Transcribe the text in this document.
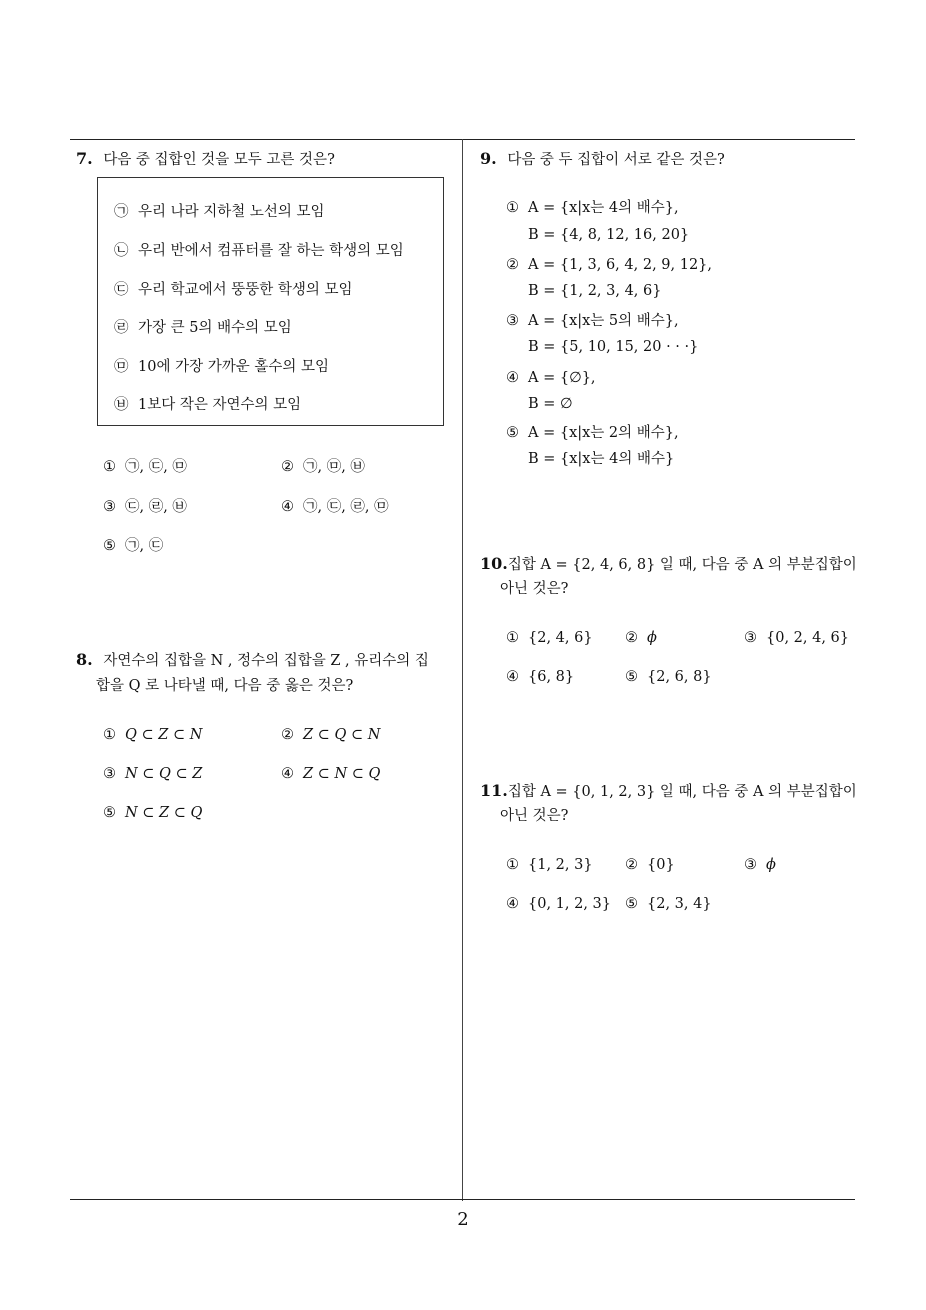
7. 다음 중 집합인 것을 모두 고른 것은?
㉠ 우리 나라 지하철 노선의 모임
㉡ 우리 반에서 컴퓨터를 잘 하는 학생의 모임
㉢ 우리 학교에서 뚱뚱한 학생의 모임
㉣ 가장 큰 5의 배수의 모임
㉤ 10에 가장 가까운 홀수의 모임
㉥ 1보다 작은 자연수의 모임
① ㉠, ㉢, ㉤	② ㉠, ㉤, ㉥
③ ㉢, ㉣, ㉥	④ ㉠, ㉢, ㉣, ㉤
⑤ ㉠, ㉢
8. 자연수의 집합을 N , 정수의 집합을 Z , 유리수의 집
합을 Q 로 나타낼 때, 다음 중 옳은 것은?
① Q ⊂ Z ⊂ N	② Z ⊂ Q ⊂ N
③ N ⊂ Q ⊂ Z	④ Z ⊂ N ⊂ Q
⑤ N ⊂ Z ⊂ Q
9. 다음 중 두 집합이 서로 같은 것은?
① A = {x|x는 4의 배수},
B = {4, 8, 12, 16, 20}
② A = {1, 3, 6, 4, 2, 9, 12},
B = {1, 2, 3, 4, 6}
③ A = {x|x는 5의 배수},
B = {5, 10, 15, 20 · · ·}
④ A = {∅},
B = ∅
⑤ A = {x|x는 2의 배수},
B = {x|x는 4의 배수}
10.집합 A = {2, 4, 6, 8} 일 때, 다음 중 A 의 부분집합이
아닌 것은?
① {2, 4, 6} ② ϕ	③ {0, 2, 4, 6}
④ {6, 8}	⑤ {2, 6, 8}
11.집합 A = {0, 1, 2, 3} 일 때, 다음 중 A 의 부분집합이
아닌 것은?
① {1, 2, 3} ② {0}	③ ϕ
④ {0, 1, 2, 3} ⑤ {2, 3, 4}
2
